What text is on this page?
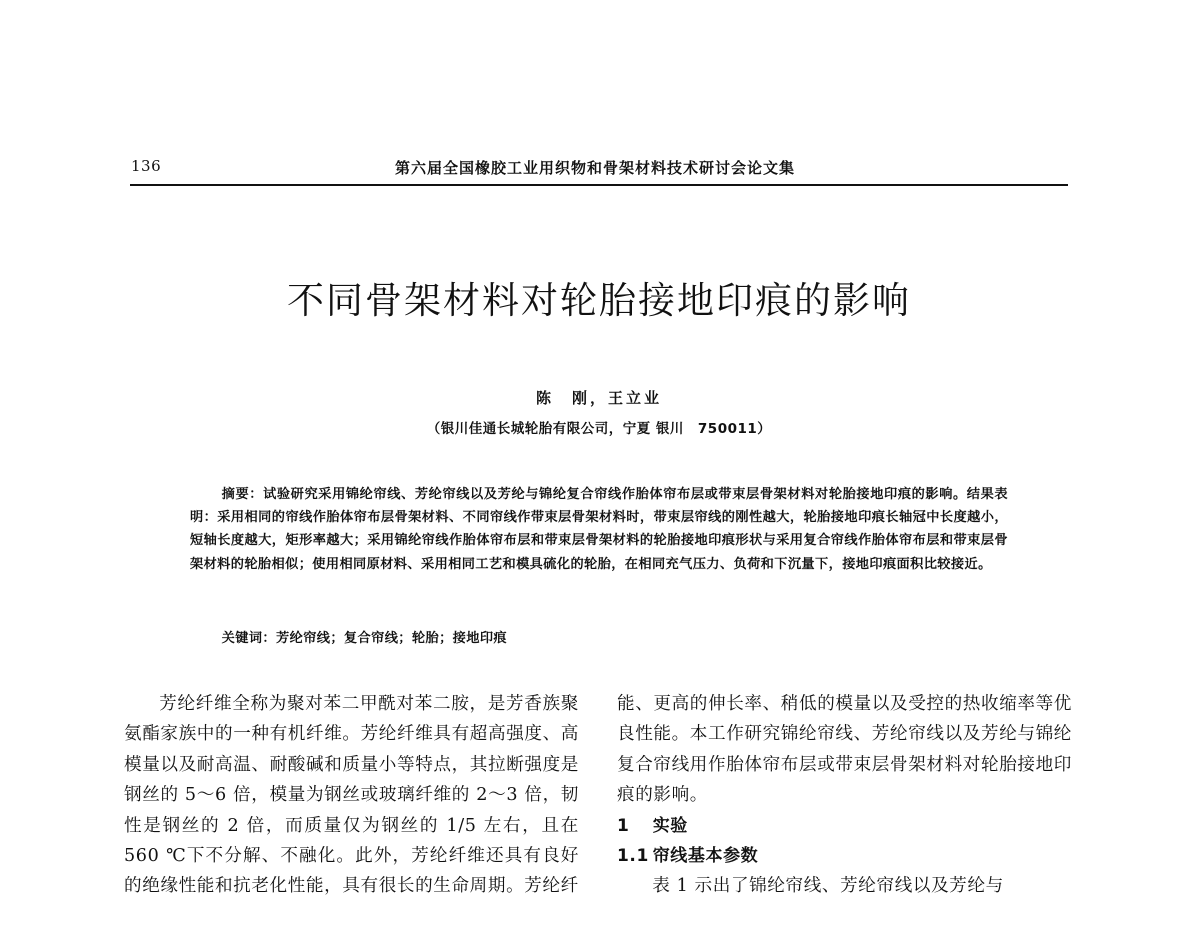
136	第六届全国橡胶工业用织物和骨架材料技术研讨会论文集
不同骨架材料对轮胎接地印痕的影响
陈　刚，王立业
（银川佳通长城轮胎有限公司，宁夏 银川　750011）
摘要：试验研究采用锦纶帘线、芳纶帘线以及芳纶与锦纶复合帘线作胎体帘布层或带束层骨架材料对轮胎接地印痕的影响。结果表明：采用相同的帘线作胎体帘布层骨架材料、不同帘线作带束层骨架材料时，带束层帘线的刚性越大，轮胎接地印痕长轴冠中长度越小，短轴长度越大，矩形率越大；采用锦纶帘线作胎体帘布层和带束层骨架材料的轮胎接地印痕形状与采用复合帘线作胎体帘布层和带束层骨架材料的轮胎相似；使用相同原材料、采用相同工艺和模具硫化的轮胎，在相同充气压力、负荷和下沉量下，接地印痕面积比较接近。
关键词：芳纶帘线；复合帘线；轮胎；接地印痕

芳纶纤维全称为聚对苯二甲酰对苯二胺，是芳香族聚氨酯家族中的一种有机纤维。芳纶纤维具有超高强度、高模量以及耐高温、耐酸碱和质量小等特点，其拉断强度是钢丝的 5～6 倍，模量为钢丝或玻璃纤维的 2～3 倍，韧性是钢丝的 2 倍，而质量仅为钢丝的 1/5 左右，且在 560 ℃下不分解、不融化。此外，芳纶纤维还具有良好的绝缘性能和抗老化性能，具有很长的生命周期。芳纶纤

能、更高的伸长率、稍低的模量以及受控的热收缩率等优良性能。本工作研究锦纶帘线、芳纶帘线以及芳纶与锦纶复合帘线用作胎体帘布层或带束层骨架材料对轮胎接地印痕的影响。

1 实验

1.1 帘线基本参数

表 1 示出了锦纶帘线、芳纶帘线以及芳纶与
